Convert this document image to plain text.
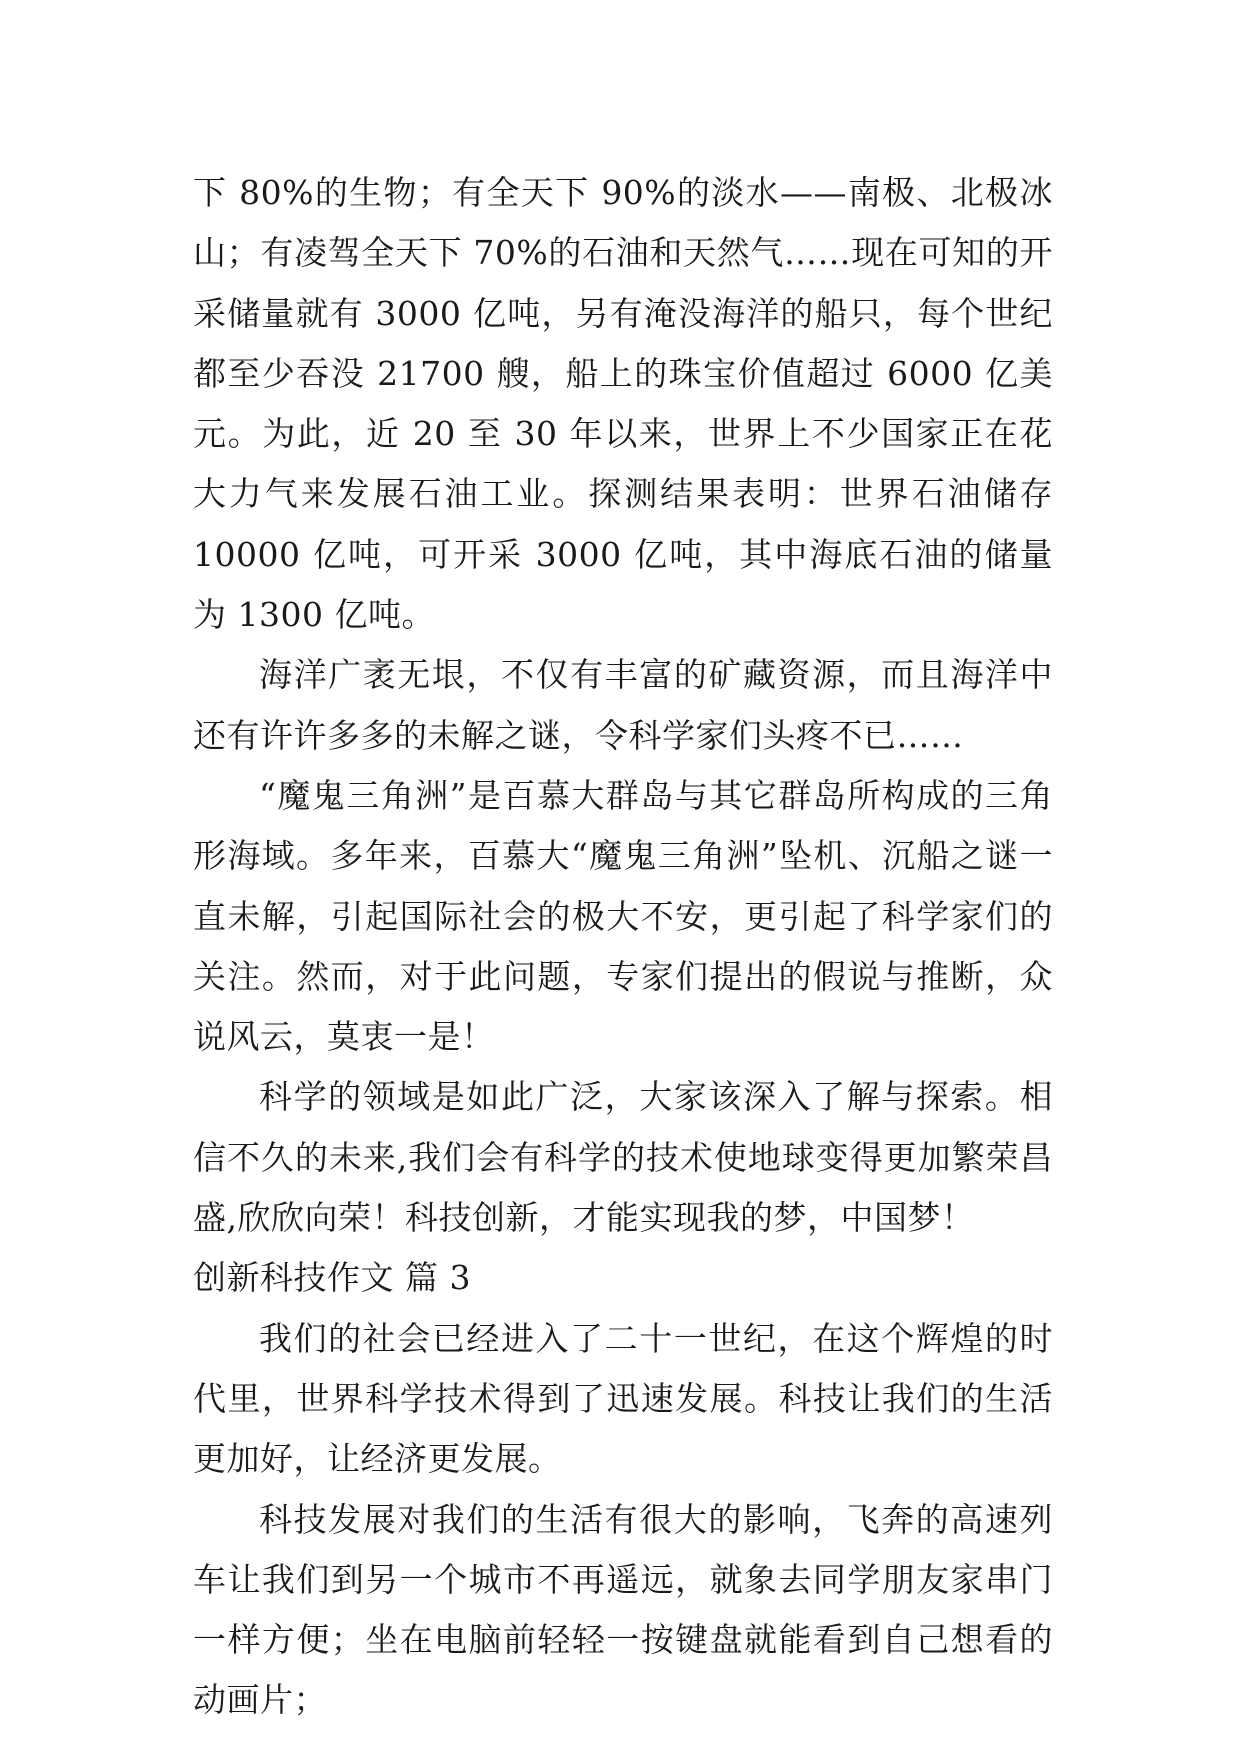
下 80%的生物；有全天下 90%的淡水——南极、北极冰山；有凌驾全天下 70%的石油和天然气……现在可知的开采储量就有 3000 亿吨，另有淹没海洋的船只，每个世纪都至少吞没 21700 艘，船上的珠宝价值超过 6000 亿美元。为此，近 20 至 30 年以来，世界上不少国家正在花大力气来发展石油工业。探测结果表明：世界石油储存 10000 亿吨，可开采 3000 亿吨，其中海底石油的储量为 1300 亿吨。

海洋广袤无垠，不仅有丰富的矿藏资源，而且海洋中还有许许多多的未解之谜，令科学家们头疼不已……

“魔鬼三角洲”是百慕大群岛与其它群岛所构成的三角形海域。多年来，百慕大“魔鬼三角洲”坠机、沉船之谜一直未解，引起国际社会的极大不安，更引起了科学家们的关注。然而，对于此问题，专家们提出的假说与推断，众说风云，莫衷一是！

科学的领域是如此广泛，大家该深入了解与探索。相信不久的未来,我们会有科学的技术使地球变得更加繁荣昌盛,欣欣向荣！科技创新，才能实现我的梦，中国梦！

创新科技作文 篇 3

我们的社会已经进入了二十一世纪，在这个辉煌的时代里，世界科学技术得到了迅速发展。科技让我们的生活更加好，让经济更发展。

科技发展对我们的生活有很大的影响，飞奔的高速列车让我们到另一个城市不再遥远，就象去同学朋友家串门一样方便；坐在电脑前轻轻一按键盘就能看到自己想看的动画片；
